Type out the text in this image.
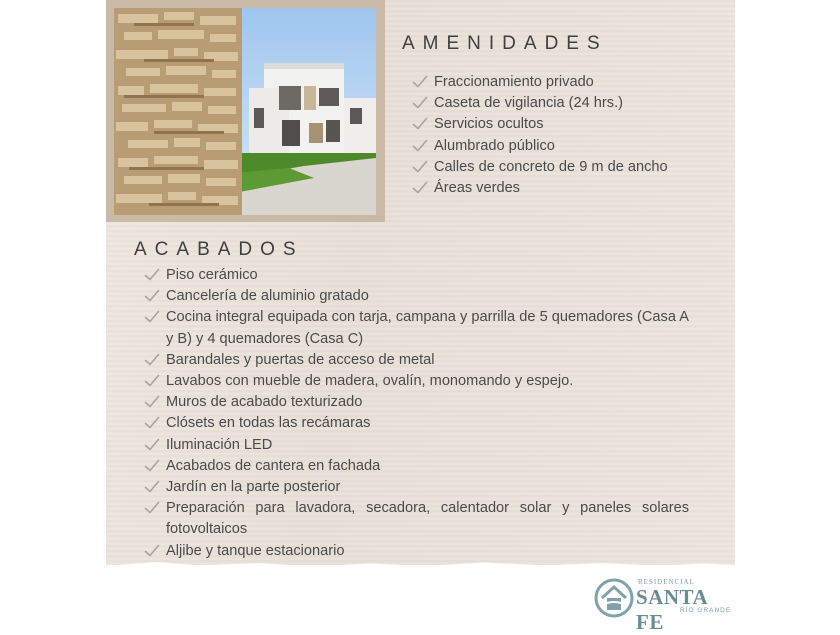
AMENIDADES
Fraccionamiento privado
Caseta de vigilancia (24 hrs.)
Servicios ocultos
Alumbrado público
Calles de concreto de 9 m de ancho
Áreas verdes
ACABADOS
Piso cerámico
Cancelería de aluminio gratado
Cocina integral equipada con tarja, campana y parrilla de 5 quemadores (Casa A y B) y 4 quemadores (Casa C)
Barandales y puertas de acceso de metal
Lavabos con mueble de madera, ovalín, monomando y espejo.
Muros de acabado texturizado
Clósets en todas las recámaras
Iluminación LED
Acabados de cantera en fachada
Jardín en la parte posterior
Preparación para lavadora, secadora, calentador solar y paneles solares fotovoltaicos
Aljibe y tanque estacionario
RESIDENCIAL
SANTA FE	RÍO GRANDE
